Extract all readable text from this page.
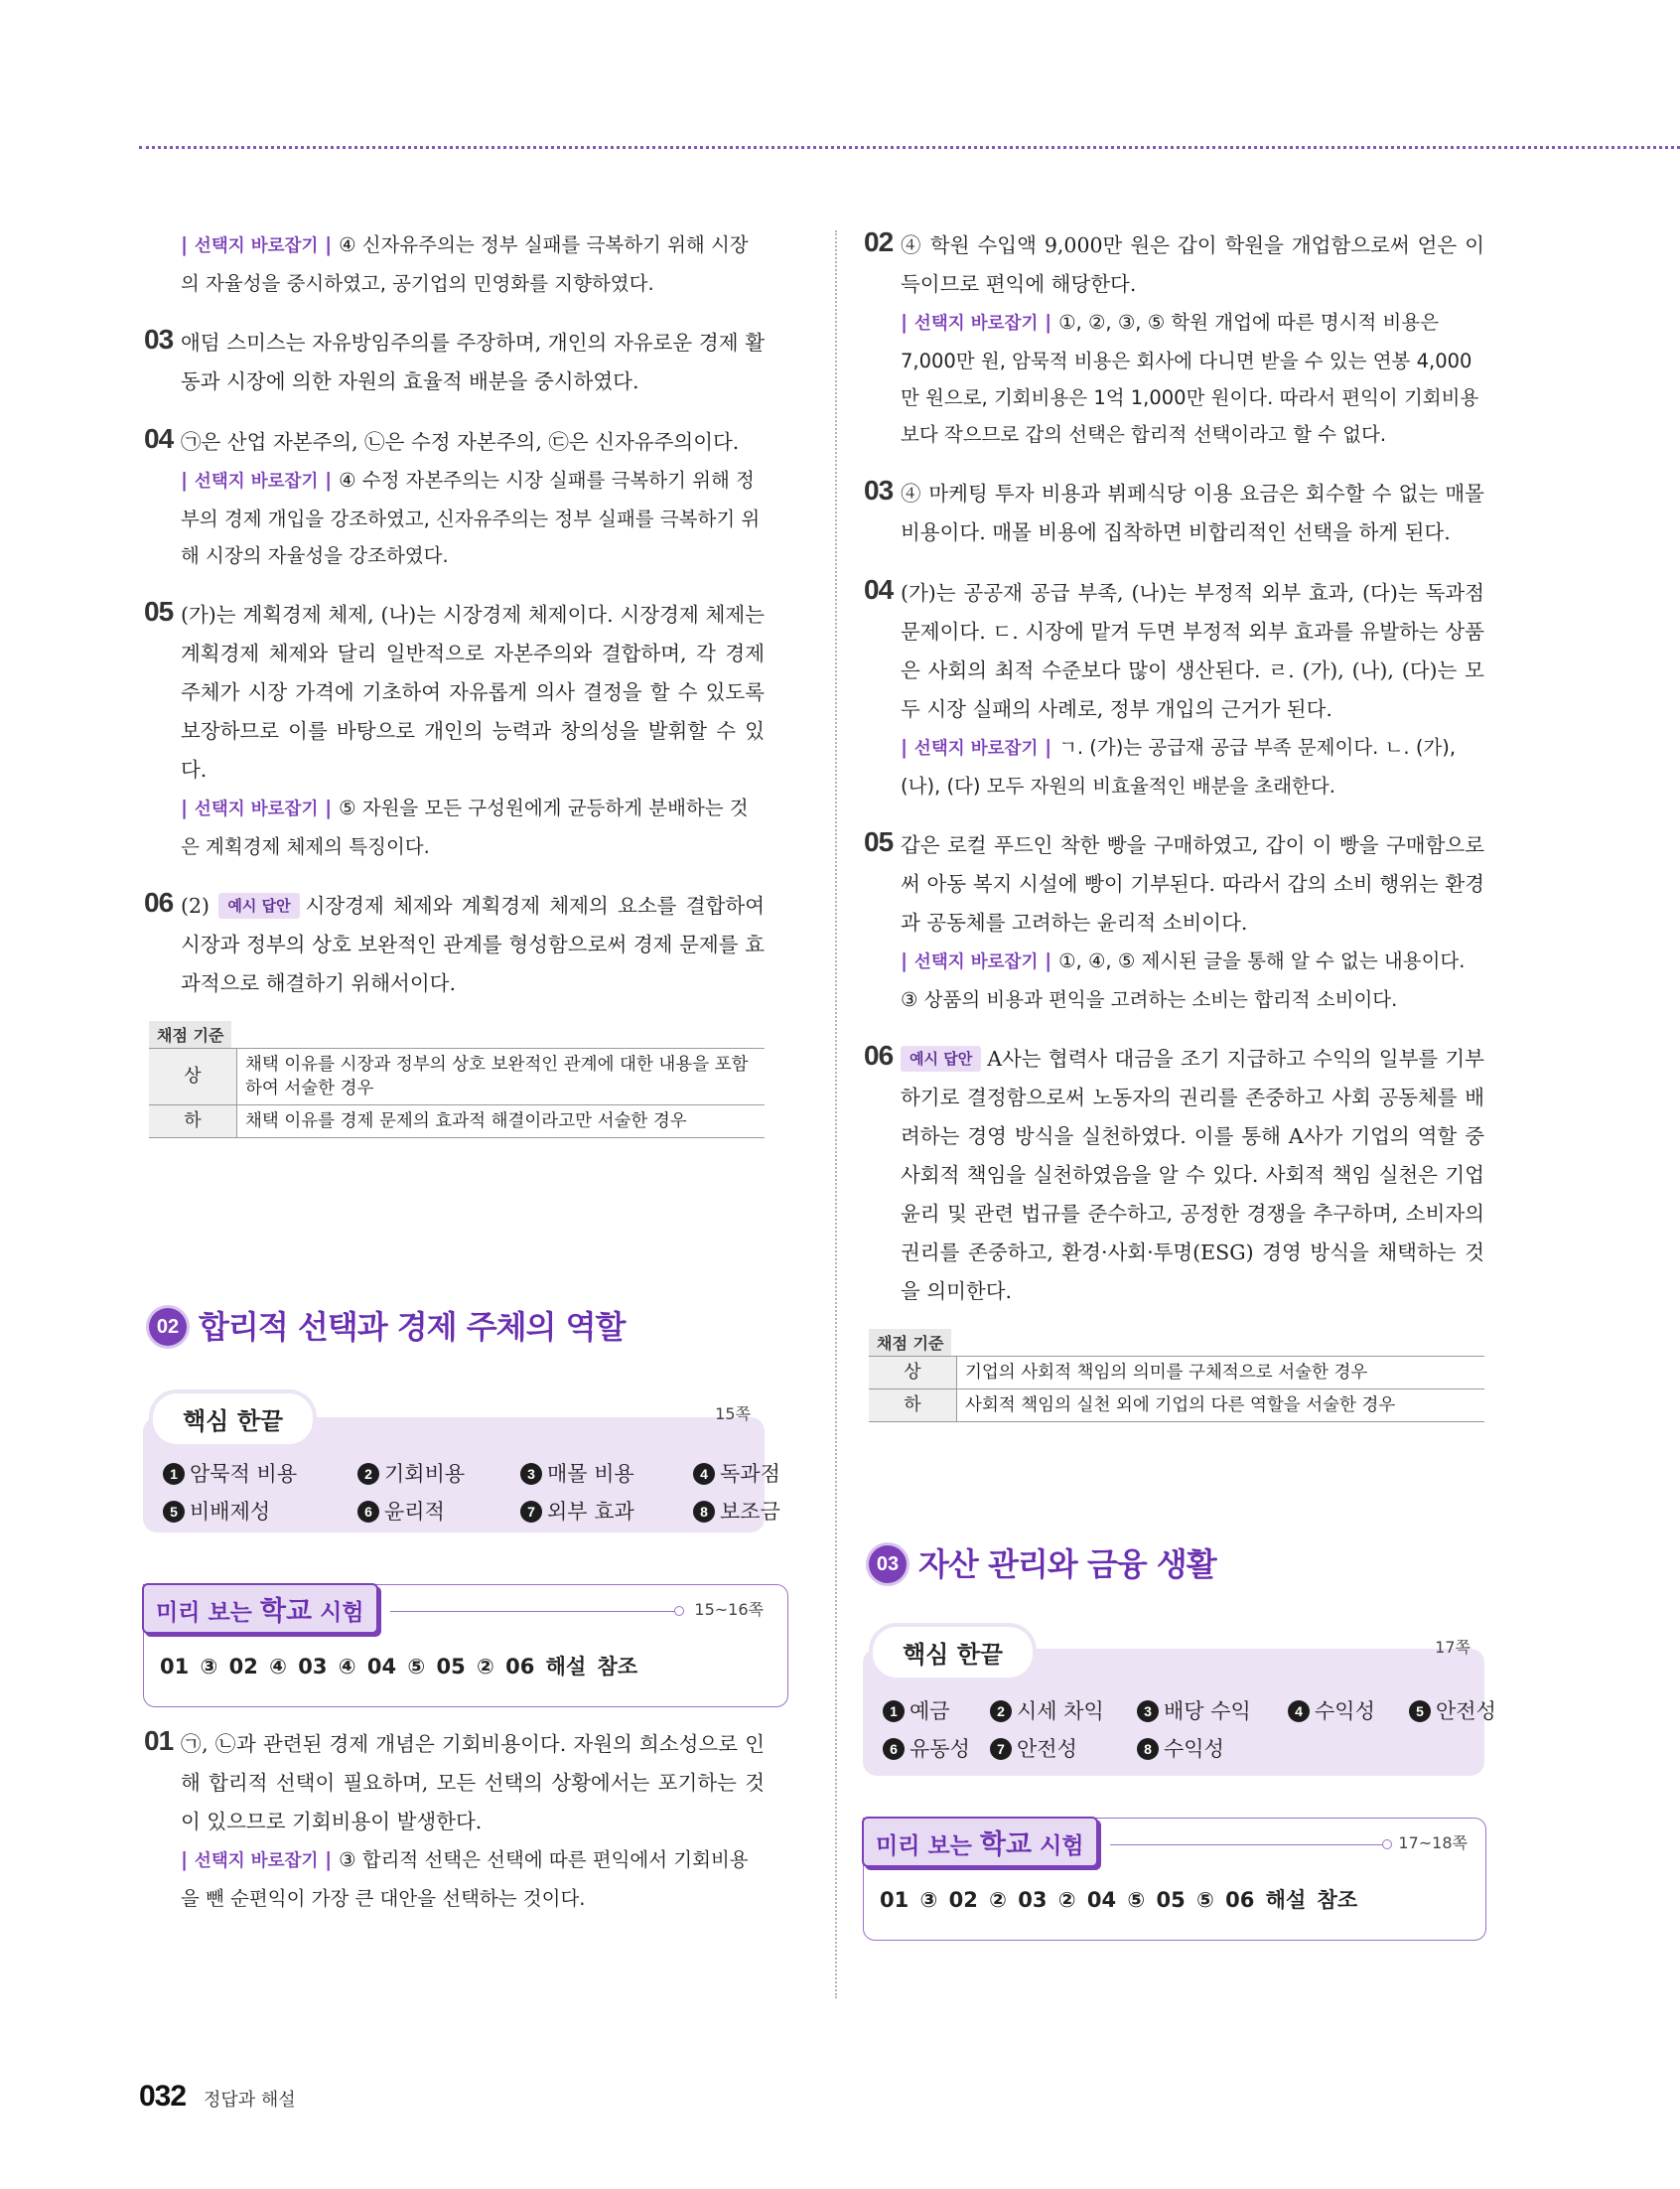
| 선택지 바로잡기 | ④ 신자유주의는 정부 실패를 극복하기 위해 시장의 자율성을 중시하였고, 공기업의 민영화를 지향하였다.
03 애덤 스미스는 자유방임주의를 주장하며, 개인의 자유로운 경제 활동과 시장에 의한 자원의 효율적 배분을 중시하였다.
04 ㉠은 산업 자본주의, ㉡은 수정 자본주의, ㉢은 신자유주의이다.
| 선택지 바로잡기 | ④ 수정 자본주의는 시장 실패를 극복하기 위해 정부의 경제 개입을 강조하였고, 신자유주의는 정부 실패를 극복하기 위해 시장의 자율성을 강조하였다.
05 (가)는 계획경제 체제, (나)는 시장경제 체제이다. 시장경제 체제는 계획경제 체제와 달리 일반적으로 자본주의와 결합하며, 각 경제 주체가 시장 가격에 기초하여 자유롭게 의사 결정을 할 수 있도록 보장하므로 이를 바탕으로 개인의 능력과 창의성을 발휘할 수 있다.
| 선택지 바로잡기 | ⑤ 자원을 모든 구성원에게 균등하게 분배하는 것은 계획경제 체제의 특징이다.
06 (2) 예시 답안 시장경제 체제와 계획경제 체제의 요소를 결합하여 시장과 정부의 상호 보완적인 관계를 형성함으로써 경제 문제를 효과적으로 해결하기 위해서이다.
채점 기준
상	채택 이유를 시장과 정부의 상호 보완적인 관계에 대한 내용을 포함하여 서술한 경우
하	채택 이유를 경제 문제의 효과적 해결이라고만 서술한 경우
02 합리적 선택과 경제 주체의 역할
핵심 한끝	15쪽
1 암묵적 비용	2 기회비용	3 매몰 비용	4 독과점
5 비배제성	6 윤리적	7 외부 효과	8 보조금
미리 보는 학교 시험	15~16쪽
01 ③ 02 ④ 03 ④ 04 ⑤ 05 ② 06 해설 참조
01 ㉠, ㉡과 관련된 경제 개념은 기회비용이다. 자원의 희소성으로 인해 합리적 선택이 필요하며, 모든 선택의 상황에서는 포기하는 것이 있으므로 기회비용이 발생한다.
| 선택지 바로잡기 | ③ 합리적 선택은 선택에 따른 편익에서 기회비용을 뺀 순편익이 가장 큰 대안을 선택하는 것이다.
02 ④ 학원 수입액 9,000만 원은 갑이 학원을 개업함으로써 얻은 이득이므로 편익에 해당한다.
| 선택지 바로잡기 | ①, ②, ③, ⑤ 학원 개업에 따른 명시적 비용은 7,000만 원, 암묵적 비용은 회사에 다니면 받을 수 있는 연봉 4,000만 원으로, 기회비용은 1억 1,000만 원이다. 따라서 편익이 기회비용보다 작으므로 갑의 선택은 합리적 선택이라고 할 수 없다.
03 ④ 마케팅 투자 비용과 뷔페식당 이용 요금은 회수할 수 없는 매몰 비용이다. 매몰 비용에 집착하면 비합리적인 선택을 하게 된다.
04 (가)는 공공재 공급 부족, (나)는 부정적 외부 효과, (다)는 독과점 문제이다. ㄷ. 시장에 맡겨 두면 부정적 외부 효과를 유발하는 상품은 사회의 최적 수준보다 많이 생산된다. ㄹ. (가), (나), (다)는 모두 시장 실패의 사례로, 정부 개입의 근거가 된다.
| 선택지 바로잡기 | ㄱ. (가)는 공급재 공급 부족 문제이다. ㄴ. (가), (나), (다) 모두 자원의 비효율적인 배분을 초래한다.
05 갑은 로컬 푸드인 착한 빵을 구매하였고, 갑이 이 빵을 구매함으로써 아동 복지 시설에 빵이 기부된다. 따라서 갑의 소비 행위는 환경과 공동체를 고려하는 윤리적 소비이다.
| 선택지 바로잡기 | ①, ④, ⑤ 제시된 글을 통해 알 수 없는 내용이다. ③ 상품의 비용과 편익을 고려하는 소비는 합리적 소비이다.
06	예시 답안 A사는 협력사 대금을 조기 지급하고 수익의 일부를 기부하기로 결정함으로써 노동자의 권리를 존중하고 사회 공동체를 배려하는 경영 방식을 실천하였다. 이를 통해 A사가 기업의 역할 중 사회적 책임을 실천하였음을 알 수 있다. 사회적 책임 실천은 기업 윤리 및 관련 법규를 준수하고, 공정한 경쟁을 추구하며, 소비자의 권리를 존중하고, 환경·사회·투명(ESG) 경영 방식을 채택하는 것을 의미한다.
채점 기준
상	기업의 사회적 책임의 의미를 구체적으로 서술한 경우
하	사회적 책임의 실천 외에 기업의 다른 역할을 서술한 경우
03 자산 관리와 금융 생활
핵심 한끝	17쪽
1 예금	2 시세 차익	3 배당 수익	4 수익성	5 안전성
6 유동성	7 안전성	8 수익성
미리 보는 학교 시험	17~18쪽
01 ③ 02 ② 03 ② 04 ⑤ 05 ⑤ 06 해설 참조
032 정답과 해설
